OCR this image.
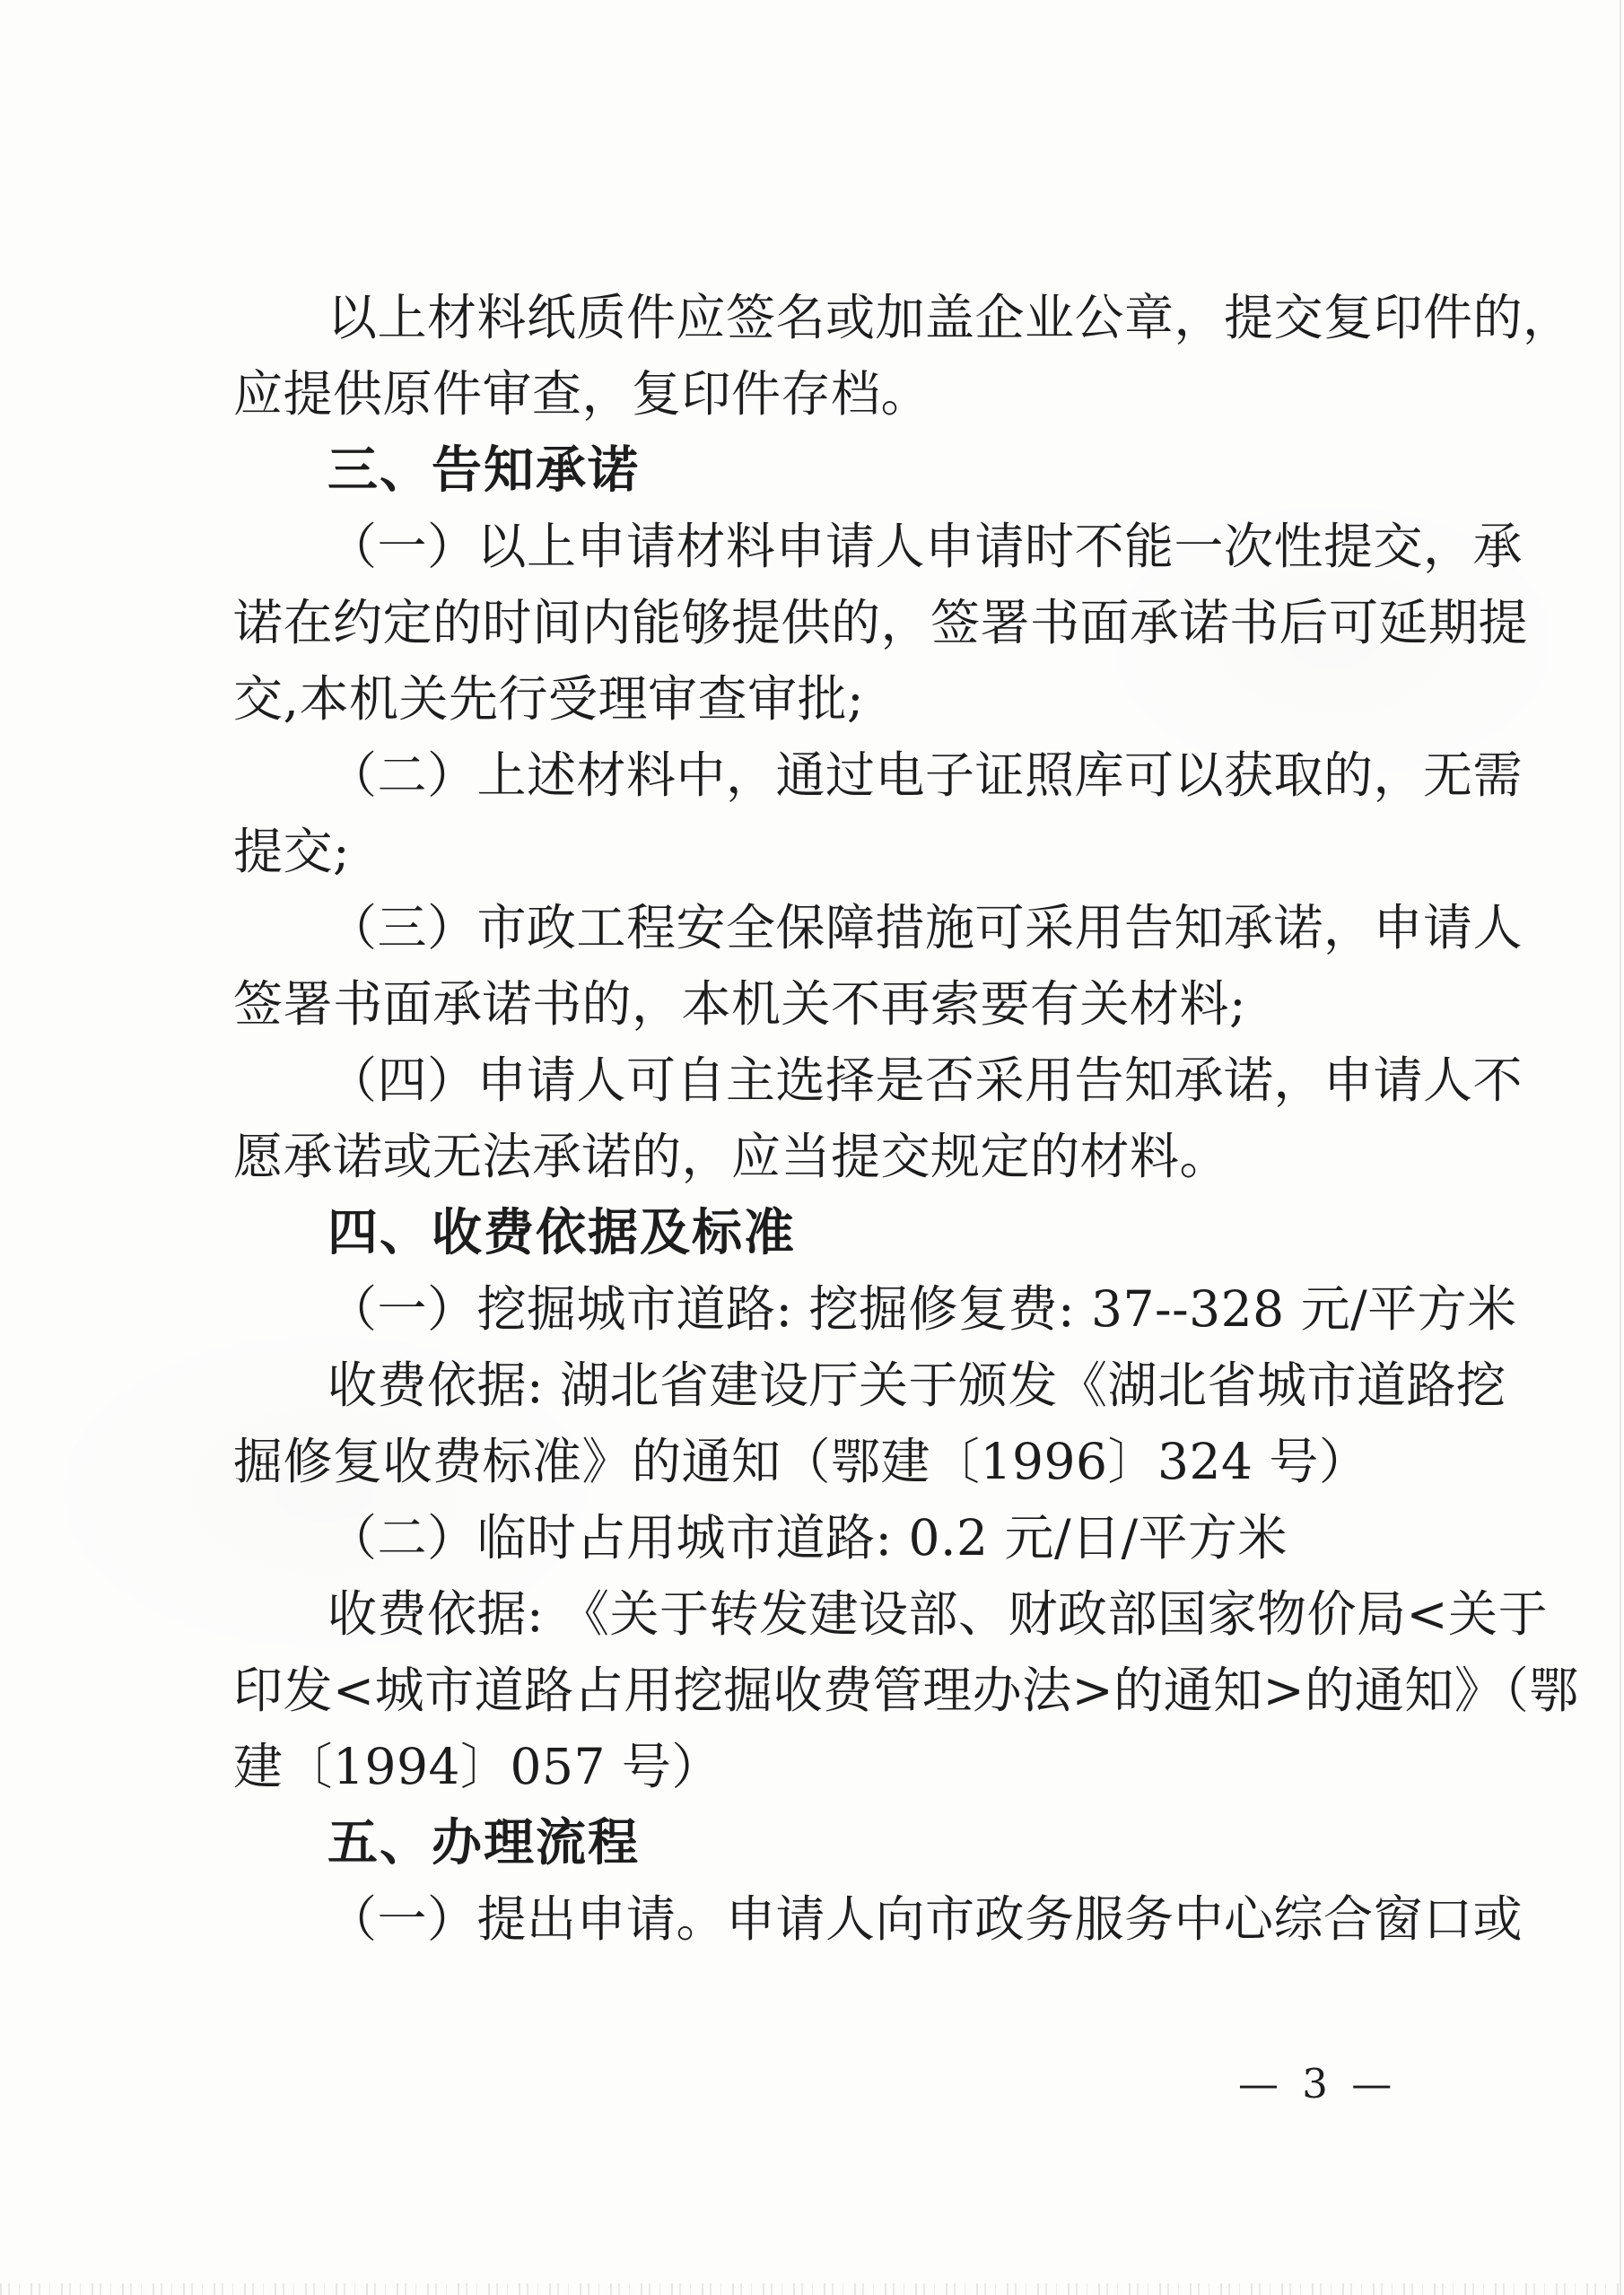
以上材料纸质件应签名或加盖企业公章，提交复印件的，

应提供原件审查，复印件存档。

三、告知承诺

（一）以上申请材料申请人申请时不能一次性提交，承

诺在约定的时间内能够提供的，签署书面承诺书后可延期提

交,本机关先行受理审查审批;

（二）上述材料中，通过电子证照库可以获取的，无需

提交;

（三）市政工程安全保障措施可采用告知承诺，申请人

签署书面承诺书的，本机关不再索要有关材料;

（四）申请人可自主选择是否采用告知承诺，申请人不

愿承诺或无法承诺的，应当提交规定的材料。

四、收费依据及标准

（一）挖掘城市道路: 挖掘修复费: 37--328 元/平方米

收费依据: 湖北省建设厅关于颁发《湖北省城市道路挖

掘修复收费标准》的通知（鄂建〔1996〕324 号）

（二）临时占用城市道路: 0.2 元/日/平方米

收费依据: 《关于转发建设部、财政部国家物价局<关于

印发<城市道路占用挖掘收费管理办法>的通知>的通知》（鄂

建〔1994〕057 号）

五、办理流程

（一）提出申请。申请人向市政务服务中心综合窗口或

— 3 —
